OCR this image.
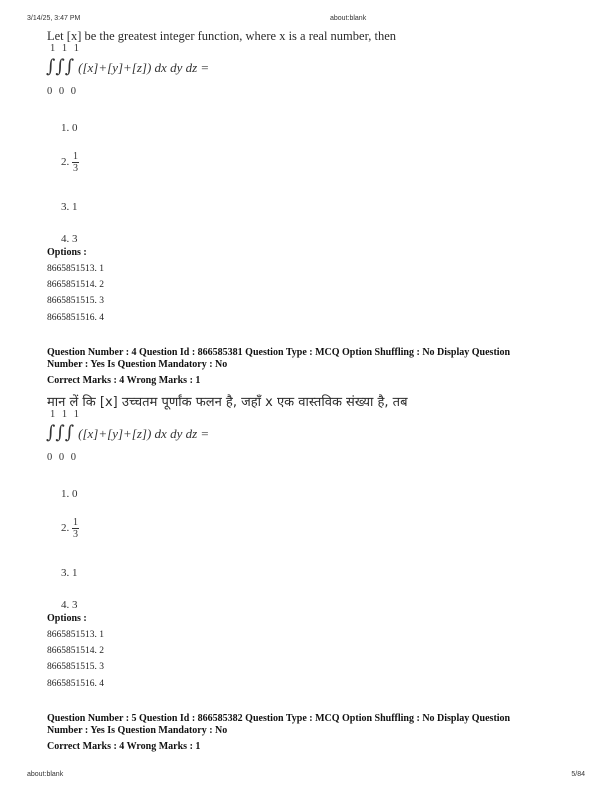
3/14/25, 3:47 PM	about:blank
Let [x] be the greatest integer function, where x is a real number, then
1 1 1
∫∫∫ ([x]+[y]+[z]) dx dy dz =
0 0 0
1. 0
2. $\frac{1}{3}$
3. 1
4. 3
Options :
8665851513. 1
8665851514. 2
8665851515. 3
8665851516. 4
Question Number : 4 Question Id : 866585381 Question Type : MCQ Option Shuffling : No Display Question
Number : Yes Is Question Mandatory : No
Correct Marks : 4 Wrong Marks : 1
मान लें कि [x] उच्चतम पूर्णांक फलन है, जहाँ x एक वास्तविक संख्या है, तब
1 1 1
∫∫∫ ([x]+[y]+[z]) dx dy dz =
0 0 0
1. 0
2. $\frac{1}{3}$
3. 1
4. 3
Options :
8665851513. 1
8665851514. 2
8665851515. 3
8665851516. 4
Question Number : 5 Question Id : 866585382 Question Type : MCQ Option Shuffling : No Display Question
Number : Yes Is Question Mandatory : No
Correct Marks : 4 Wrong Marks : 1
about:blank	5/84
